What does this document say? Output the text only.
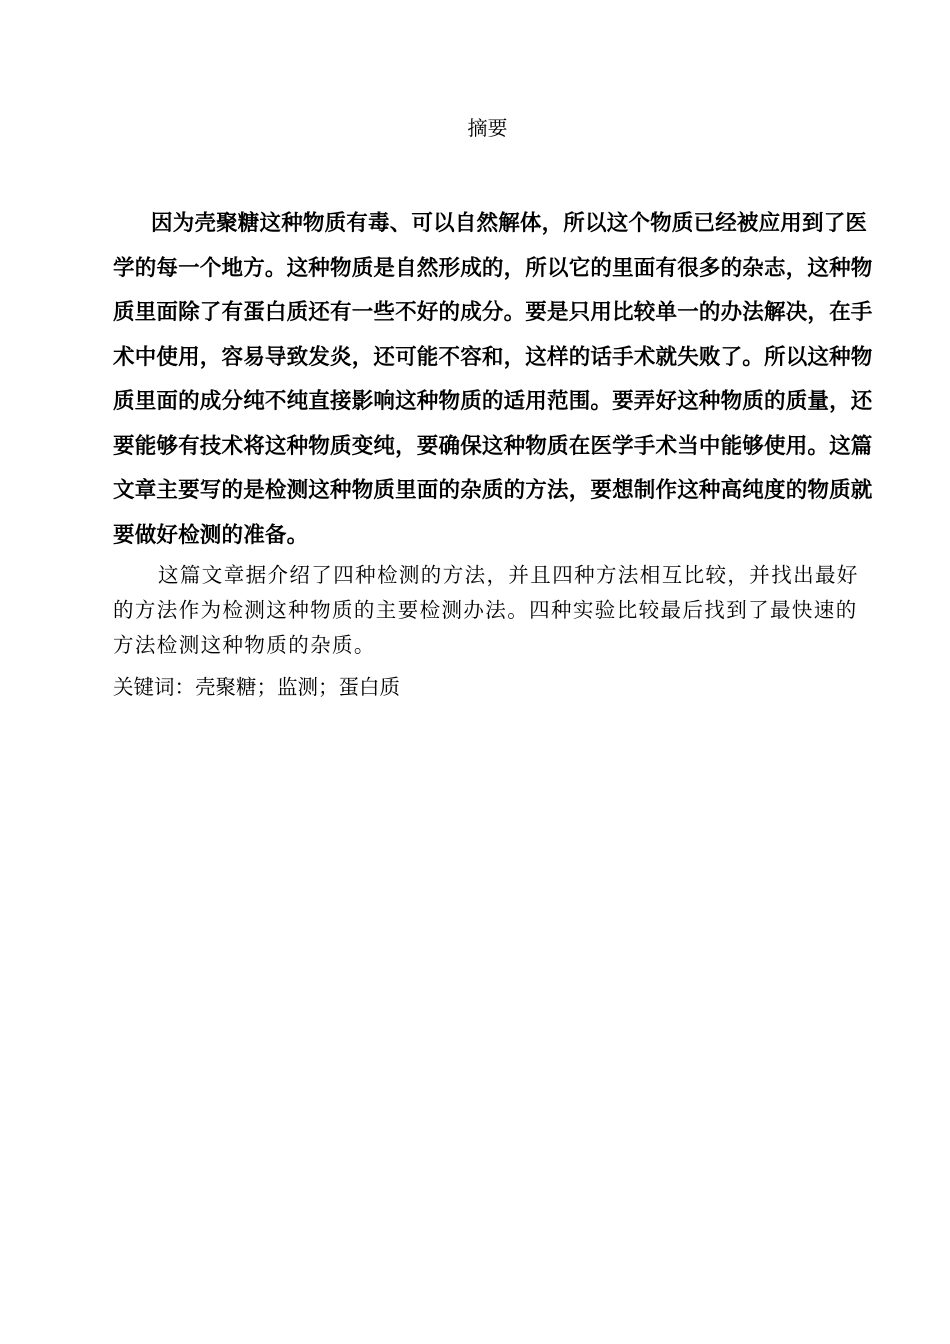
摘要

因为壳聚糖这种物质有毒、可以自然解体，所以这个物质已经被应用到了医学的每一个地方。这种物质是自然形成的，所以它的里面有很多的杂志，这种物质里面除了有蛋白质还有一些不好的成分。要是只用比较单一的办法解决，在手术中使用，容易导致发炎，还可能不容和，这样的话手术就失败了。所以这种物质里面的成分纯不纯直接影响这种物质的适用范围。要弄好这种物质的质量，还要能够有技术将这种物质变纯，要确保这种物质在医学手术当中能够使用。这篇文章主要写的是检测这种物质里面的杂质的方法，要想制作这种高纯度的物质就要做好检测的准备。

这篇文章据介绍了四种检测的方法，并且四种方法相互比较，并找出最好的方法作为检测这种物质的主要检测办法。四种实验比较最后找到了最快速的方法检测这种物质的杂质。

关键词：壳聚糖；监测；蛋白质
